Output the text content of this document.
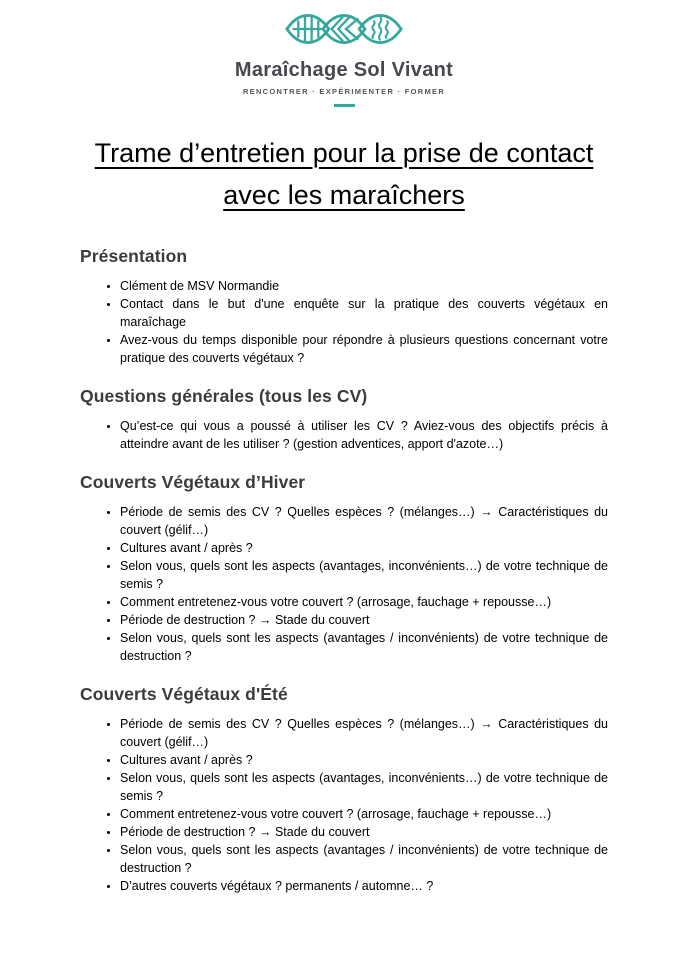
Maraîchage Sol Vivant
RENCONTRER · EXPÉRIMENTER · FORMER
Trame d’entretien pour la prise de contact avec les maraîchers
Présentation
• Clément de MSV Normandie
• Contact dans le but d'une enquête sur la pratique des couverts végétaux en maraîchage
• Avez-vous du temps disponible pour répondre à plusieurs questions concernant votre pratique des couverts végétaux ?
Questions générales (tous les CV)
• Qu’est-ce qui vous a poussé à utiliser les CV ? Aviez-vous des objectifs précis à atteindre avant de les utiliser ? (gestion adventices, apport d'azote…)
Couverts Végétaux d’Hiver
• Période de semis des CV ? Quelles espèces ? (mélanges…) → Caractéristiques du couvert (gélif…)
• Cultures avant / après ?
• Selon vous, quels sont les aspects (avantages, inconvénients…) de votre technique de semis ?
• Comment entretenez-vous votre couvert ? (arrosage, fauchage + repousse…)
• Période de destruction ? → Stade du couvert
• Selon vous, quels sont les aspects (avantages / inconvénients) de votre technique de destruction ?
Couverts Végétaux d'Été
• Période de semis des CV ? Quelles espèces ? (mélanges…) → Caractéristiques du couvert (gélif…)
• Cultures avant / après ?
• Selon vous, quels sont les aspects (avantages, inconvénients…) de votre technique de semis ?
• Comment entretenez-vous votre couvert ? (arrosage, fauchage + repousse…)
• Période de destruction ? → Stade du couvert
• Selon vous, quels sont les aspects (avantages / inconvénients) de votre technique de destruction ?
• D’autres couverts végétaux ? permanents / automne… ?
